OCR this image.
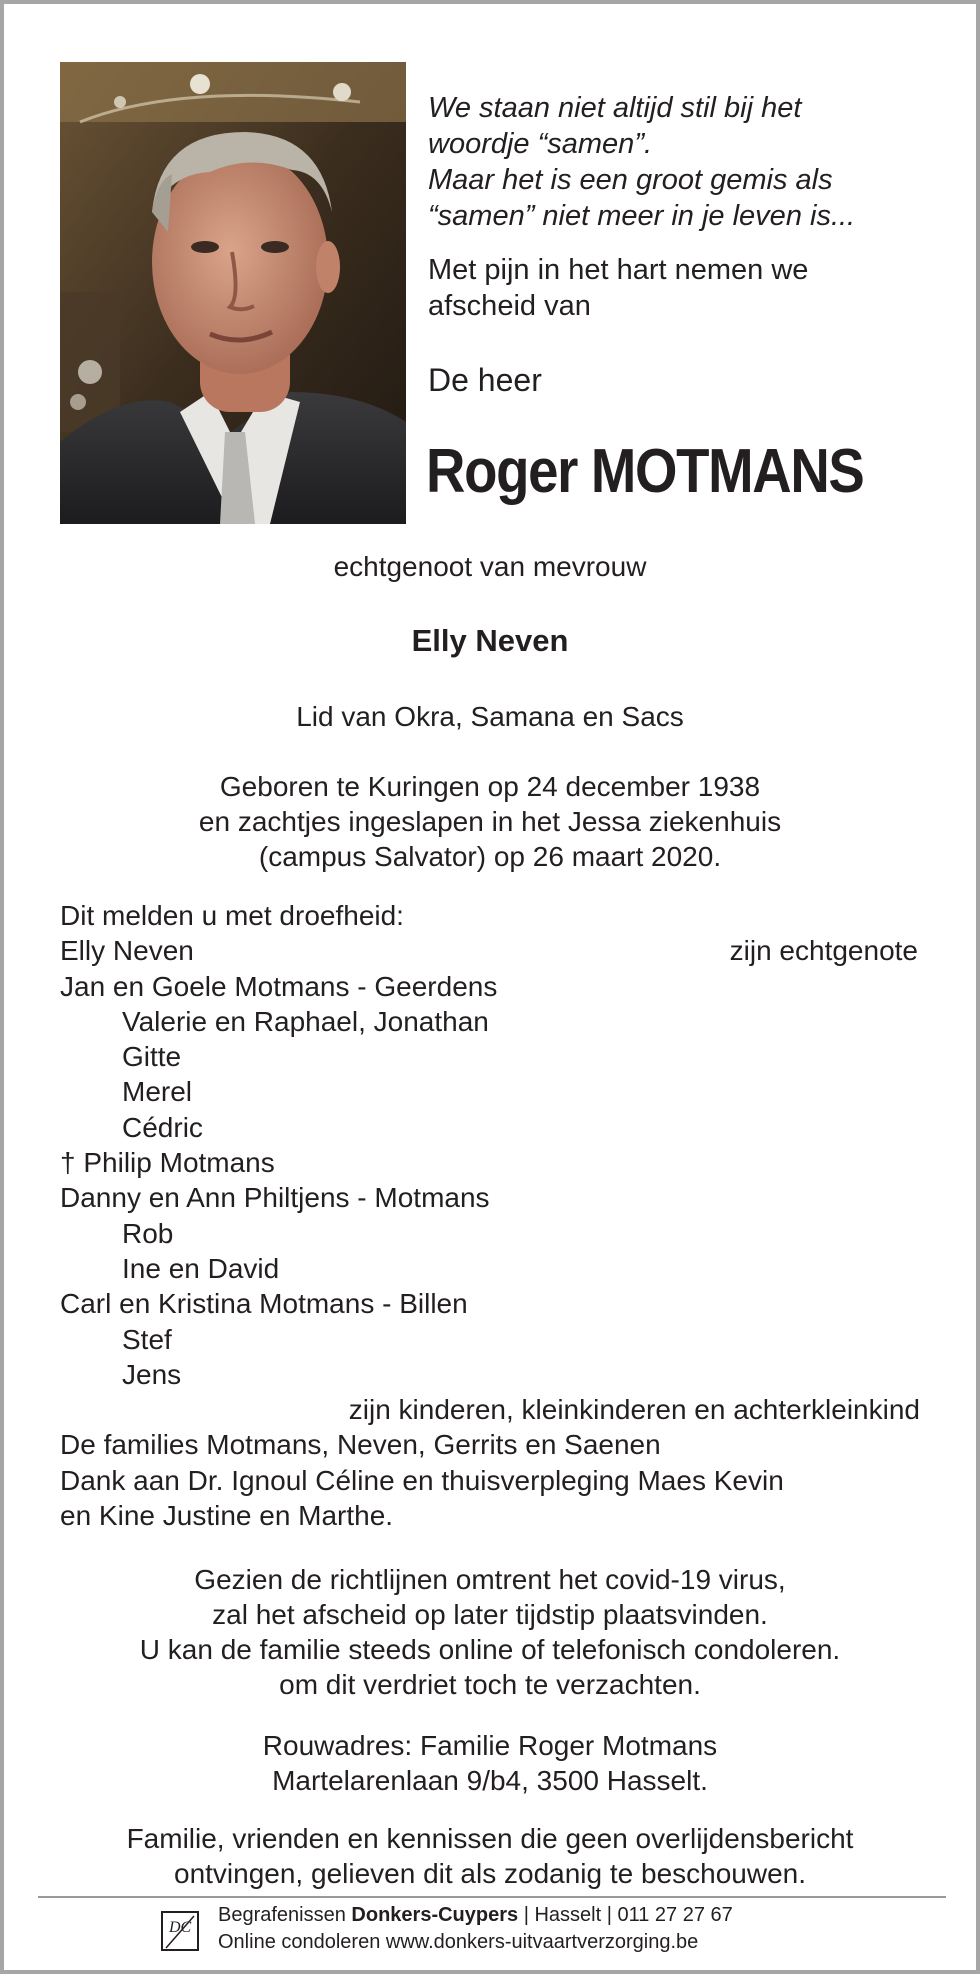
We staan niet altijd stil bij het
woordje “samen”.
Maar het is een groot gemis als
“samen” niet meer in je leven is...
Met pijn in het hart nemen we
afscheid van
De heer
Roger MOTMANS
echtgenoot van mevrouw
Elly Neven
Lid van Okra, Samana en Sacs
Geboren te Kuringen op 24 december 1938
en zachtjes ingeslapen in het Jessa ziekenhuis
(campus Salvator) op 26 maart 2020.
Dit melden u met droefheid:
Elly Neven	zijn echtgenote
Jan en Goele Motmans - Geerdens
Valerie en Raphael, Jonathan
Gitte
Merel
Cédric
† Philip Motmans
Danny en Ann Philtjens - Motmans
Rob
Ine en David
Carl en Kristina Motmans - Billen
Stef
Jens
zijn kinderen, kleinkinderen en achterkleinkind
De families Motmans, Neven, Gerrits en Saenen
Dank aan Dr. Ignoul Céline en thuisverpleging Maes Kevin
en Kine Justine en Marthe.
Gezien de richtlijnen omtrent het covid-19 virus,
zal het afscheid op later tijdstip plaatsvinden.
U kan de familie steeds online of telefonisch condoleren.
om dit verdriet toch te verzachten.
Rouwadres: Familie Roger Motmans
Martelarenlaan 9/b4, 3500 Hasselt.
Familie, vrienden en kennissen die geen overlijdensbericht
ontvingen, gelieven dit als zodanig te beschouwen.
DC
Begrafenissen Donkers-Cuypers | Hasselt | 011 27 27 67
Online condoleren www.donkers-uitvaartverzorging.be
